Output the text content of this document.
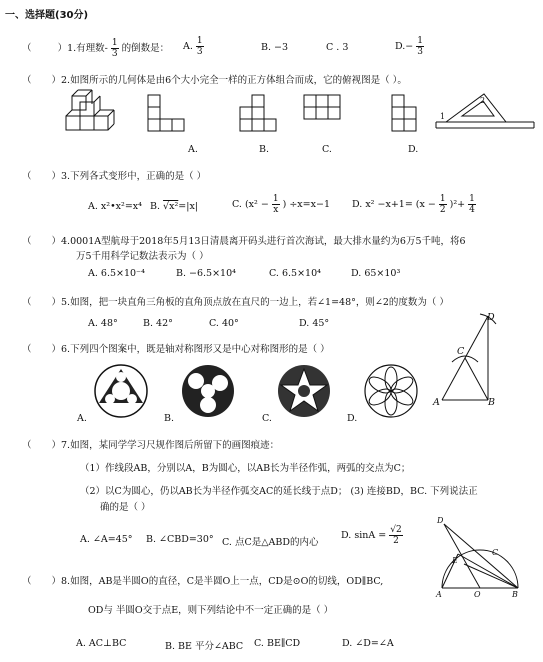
一、选择题(30分)
（	）1.有理数- $\frac{1}{3}$ 的倒数是： A. $\frac{1}{3}$	B. −3	C . 3	$D.- \frac{1}{3}$
（ ）2.如图所示的几何体是由6个大小完全一样的正方体组合而成，它的俯视图是（ ）。
A.	B.	C.	D.
1
2
（ ）3.下列各式变形中，正确的是（ ）
A. x²•x²=x⁴ B. √x²=|x|	C. ($x^2 - \frac{1}{x}$ ) ÷x=x−1 D. $x^2 -x+1= (x - \frac{1}{2} )^2+ \frac{1}{4}$
（ ）4.0001A型航母于2018年5月13日清晨离开码头进行首次海试，最大排水量约为6万5千吨，将6
万5千用科学记数法表示为（ ）
A. 6.5×10⁻⁴	B. −6.5×10⁴	C. 6.5×10⁴	D. 65×10³
（ ）5.如图，把一块直角三角板的直角顶点放在直尺的一边上，若∠1=48°，则∠2的度数为（ ）
A. 48°	B. 42°	C. 40°	D. 45°
（ ）6.下列四个图案中，既是轴对称图形又是中心对称图形的是（ ）
A.	B.	C.	D.
D
C
A	B
（ ）7.如图，某同学学习尺规作图后所留下的画图痕迹：
（1）作线段AB，分别以A，B为圆心，以AB长为半径作弧，两弧的交点为C；
（2）以C为圆心，仍以AB长为半径作弧交AC的延长线于点D； (3) 连接BD，BC. 下列说法正
确的是（ ）
A. ∠A=45° B. ∠CBD=30° C. 点C是△ABD的内心
D. $\sin A = \frac{√2}{2}$
D
E
C
A	O	B
（ ）8.如图，AB是半圆O的直径，C是半圆O上一点，CD是⊙O的切线，OD∥BC,
OD与 半圆O交于点E，则下列结论中不一定正确的是（ ）
A. AC⊥BC	B. BE 平分∠ABC C. BE∥CD	D. ∠D=∠A
